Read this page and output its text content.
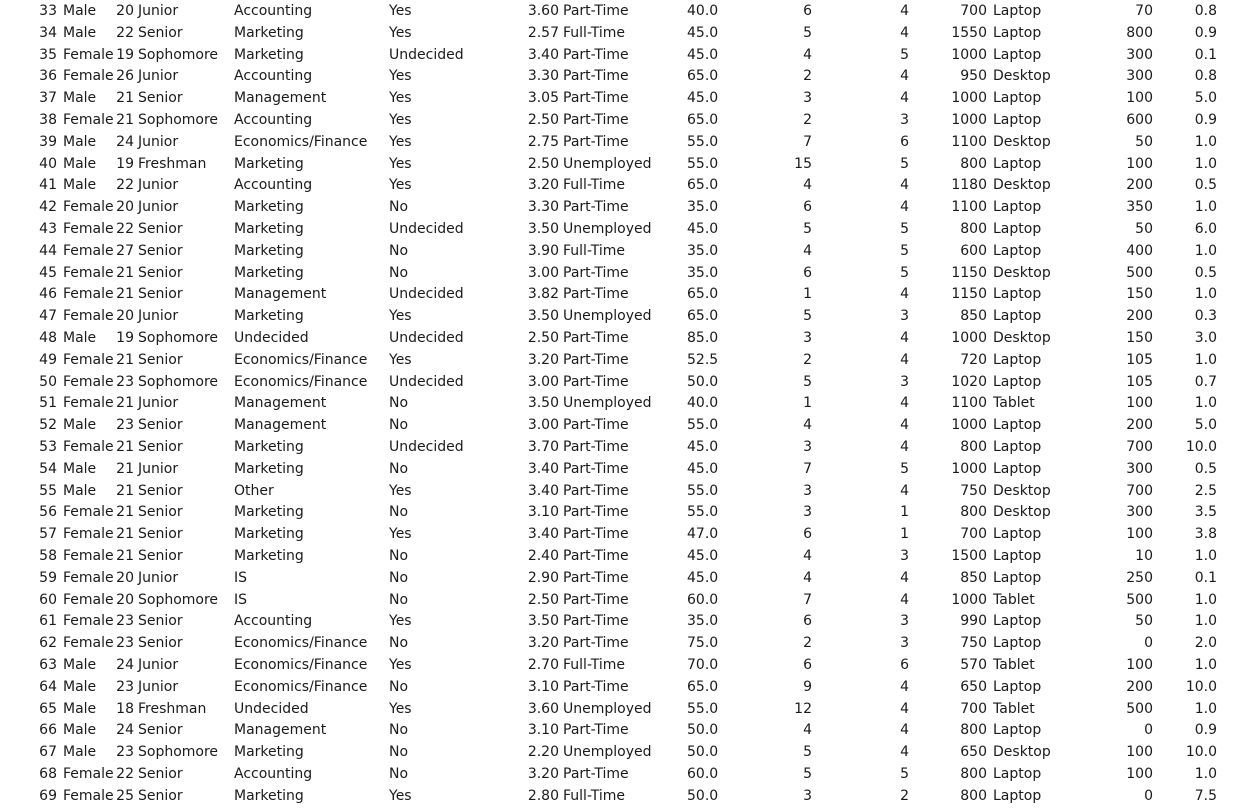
33 Male 20 Junior	Accounting	Yes	3.60 Part-Time	40.0	6	4	700 Laptop	70	0.8
34 Male 22 Senior	Marketing	Yes	2.57 Full-Time	45.0	5	4	1550 Laptop	800	0.9
35 Female 19 Sophomore Marketing	Undecided	3.40 Part-Time	45.0	4	5	1000 Laptop	300	0.1
36 Female 26 Junior	Accounting	Yes	3.30 Part-Time	65.0	2	4	950 Desktop	300	0.8
37 Male 21 Senior	Management	Yes	3.05 Part-Time	45.0	3	4	1000 Laptop	100	5.0
38 Female 21 Sophomore Accounting	Yes	2.50 Part-Time	65.0	2	3	1000 Laptop	600	0.9
39 Male 24 Junior	Economics/Finance Yes	2.75 Part-Time	55.0	7	6	1100 Desktop	50	1.0
40 Male 19 Freshman Marketing	Yes	2.50 Unemployed	55.0	15	5	800 Laptop	100	1.0
41 Male 22 Junior	Accounting	Yes	3.20 Full-Time	65.0	4	4	1180 Desktop	200	0.5
42 Female 20 Junior	Marketing	No	3.30 Part-Time	35.0	6	4	1100 Laptop	350	1.0
43 Female 22 Senior	Marketing	Undecided	3.50 Unemployed	45.0	5	5	800 Laptop	50	6.0
44 Female 27 Senior	Marketing	No	3.90 Full-Time	35.0	4	5	600 Laptop	400	1.0
45 Female 21 Senior	Marketing	No	3.00 Part-Time	35.0	6	5	1150 Desktop	500	0.5
46 Female 21 Senior	Management	Undecided	3.82 Part-Time	65.0	1	4	1150 Laptop	150	1.0
47 Female 20 Junior	Marketing	Yes	3.50 Unemployed	65.0	5	3	850 Laptop	200	0.3
48 Male 19 Sophomore Undecided	Undecided	2.50 Part-Time	85.0	3	4	1000 Desktop	150	3.0
49 Female 21 Senior	Economics/Finance Yes	3.20 Part-Time	52.5	2	4	720 Laptop	105	1.0
50 Female 23 Sophomore Economics/Finance Undecided	3.00 Part-Time	50.0	5	3	1020 Laptop	105	0.7
51 Female 21 Junior	Management	No	3.50 Unemployed	40.0	1	4	1100 Tablet	100	1.0
52 Male 23 Senior	Management	No	3.00 Part-Time	55.0	4	4	1000 Laptop	200	5.0
53 Female 21 Senior	Marketing	Undecided	3.70 Part-Time	45.0	3	4	800 Laptop	700 10.0
54 Male 21 Junior	Marketing	No	3.40 Part-Time	45.0	7	5	1000 Laptop	300	0.5
55 Male 21 Senior	Other	Yes	3.40 Part-Time	55.0	3	4	750 Desktop	700	2.5
56 Female 21 Senior	Marketing	No	3.10 Part-Time	55.0	3	1	800 Desktop	300	3.5
57 Female 21 Senior	Marketing	Yes	3.40 Part-Time	47.0	6	1	700 Laptop	100	3.8
58 Female 21 Senior	Marketing	No	2.40 Part-Time	45.0	4	3	1500 Laptop	10	1.0
59 Female 20 Junior	IS	No	2.90 Part-Time	45.0	4	4	850 Laptop	250	0.1
60 Female 20 Sophomore IS	No	2.50 Part-Time	60.0	7	4	1000 Tablet	500	1.0
61 Female 23 Senior	Accounting	Yes	3.50 Part-Time	35.0	6	3	990 Laptop	50	1.0
62 Female 23 Senior	Economics/Finance No	3.20 Part-Time	75.0	2	3	750 Laptop	0	2.0
63 Male 24 Junior	Economics/Finance Yes	2.70 Full-Time	70.0	6	6	570 Tablet	100	1.0
64 Male 23 Junior	Economics/Finance No	3.10 Part-Time	65.0	9	4	650 Laptop	200 10.0
65 Male 18 Freshman Undecided	Yes	3.60 Unemployed	55.0	12	4	700 Tablet	500	1.0
66 Male 24 Senior	Management	No	3.10 Part-Time	50.0	4	4	800 Laptop	0	0.9
67 Male 23 Sophomore Marketing	No	2.20 Unemployed	50.0	5	4	650 Desktop	100 10.0
68 Female 22 Senior	Accounting	No	3.20 Part-Time	60.0	5	5	800 Laptop	100	1.0
69 Female 25 Senior	Marketing	Yes	2.80 Full-Time	50.0	3	2	800 Laptop	0	7.5
